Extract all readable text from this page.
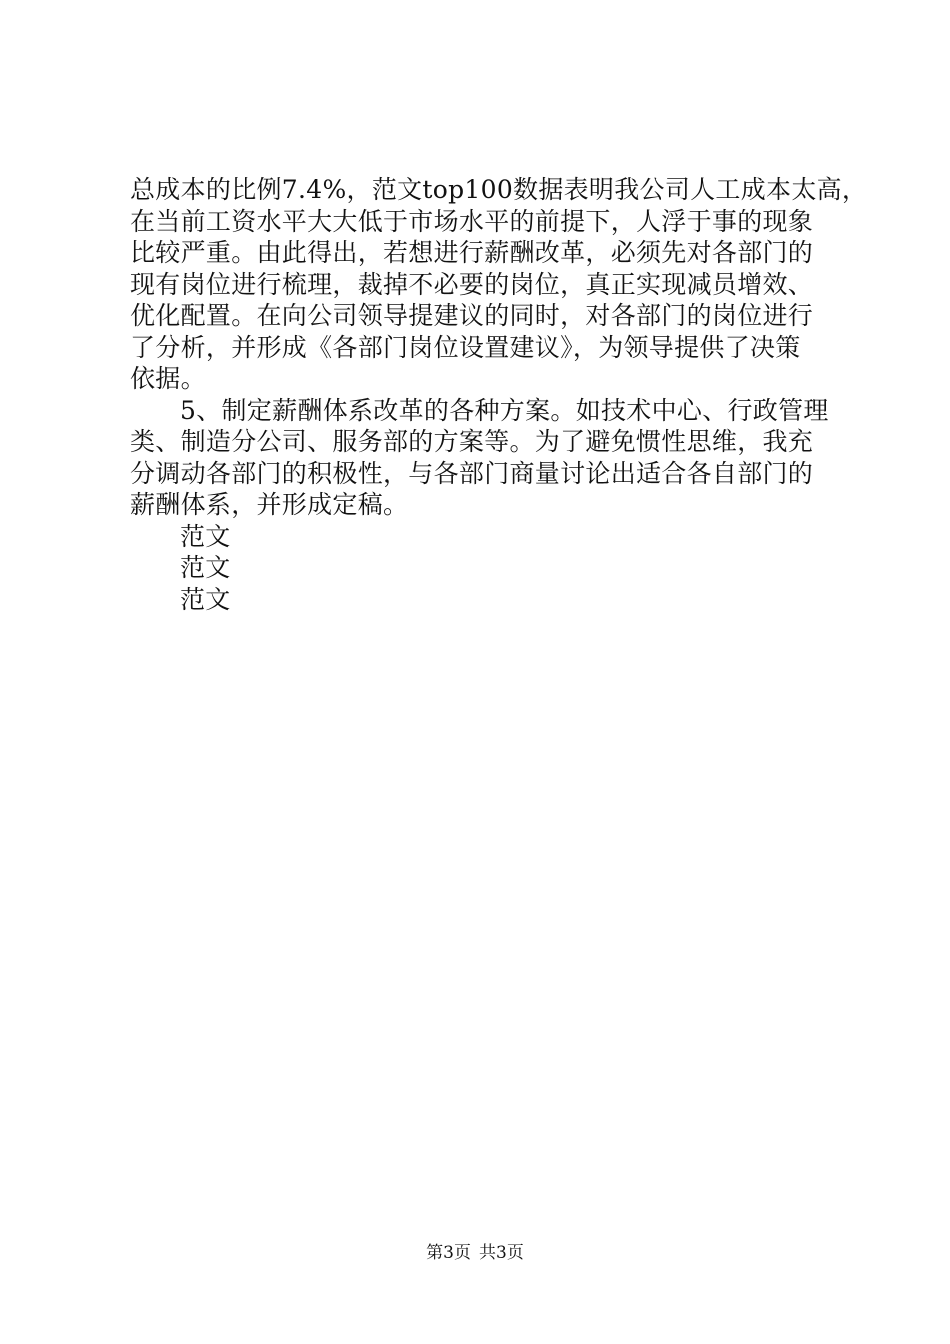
总成本的比例7.4%，范文top100数据表明我公司人工成本太高，
在当前工资水平大大低于市场水平的前提下，人浮于事的现象
比较严重。由此得出，若想进行薪酬改革，必须先对各部门的
现有岗位进行梳理，裁掉不必要的岗位，真正实现减员增效、
优化配置。在向公司领导提建议的同时，对各部门的岗位进行
了分析，并形成《各部门岗位设置建议》，为领导提供了决策
依据。
5、制定薪酬体系改革的各种方案。如技术中心、行政管理
类、制造分公司、服务部的方案等。为了避免惯性思维，我充
分调动各部门的积极性，与各部门商量讨论出适合各自部门的
薪酬体系，并形成定稿。
范文
范文
范文
第3页 共3页
